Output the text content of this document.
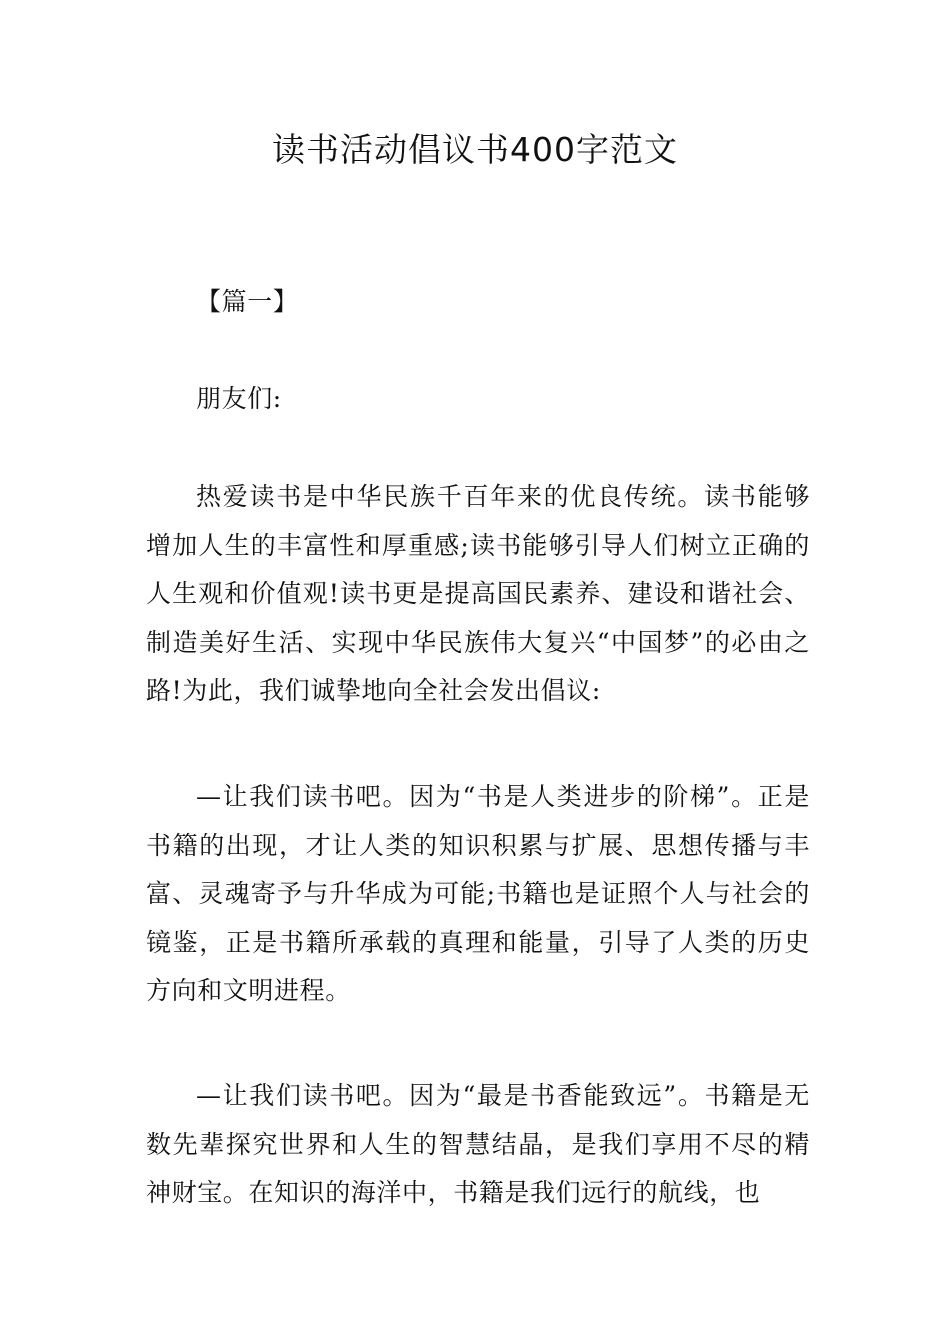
读书活动倡议书400字范文

【篇一】

朋友们:

热爱读书是中华民族千百年来的优良传统。读书能够增加人生的丰富性和厚重感;读书能够引导人们树立正确的人生观和价值观!读书更是提高国民素养、建设和谐社会、制造美好生活、实现中华民族伟大复兴“中国梦”的必由之路!为此，我们诚挚地向全社会发出倡议:

—让我们读书吧。因为“书是人类进步的阶梯”。正是书籍的出现，才让人类的知识积累与扩展、思想传播与丰富、灵魂寄予与升华成为可能;书籍也是证照个人与社会的镜鉴，正是书籍所承载的真理和能量，引导了人类的历史方向和文明进程。

—让我们读书吧。因为“最是书香能致远”。书籍是无数先辈探究世界和人生的智慧结晶，是我们享用不尽的精神财宝。在知识的海洋中，书籍是我们远行的航线，也
